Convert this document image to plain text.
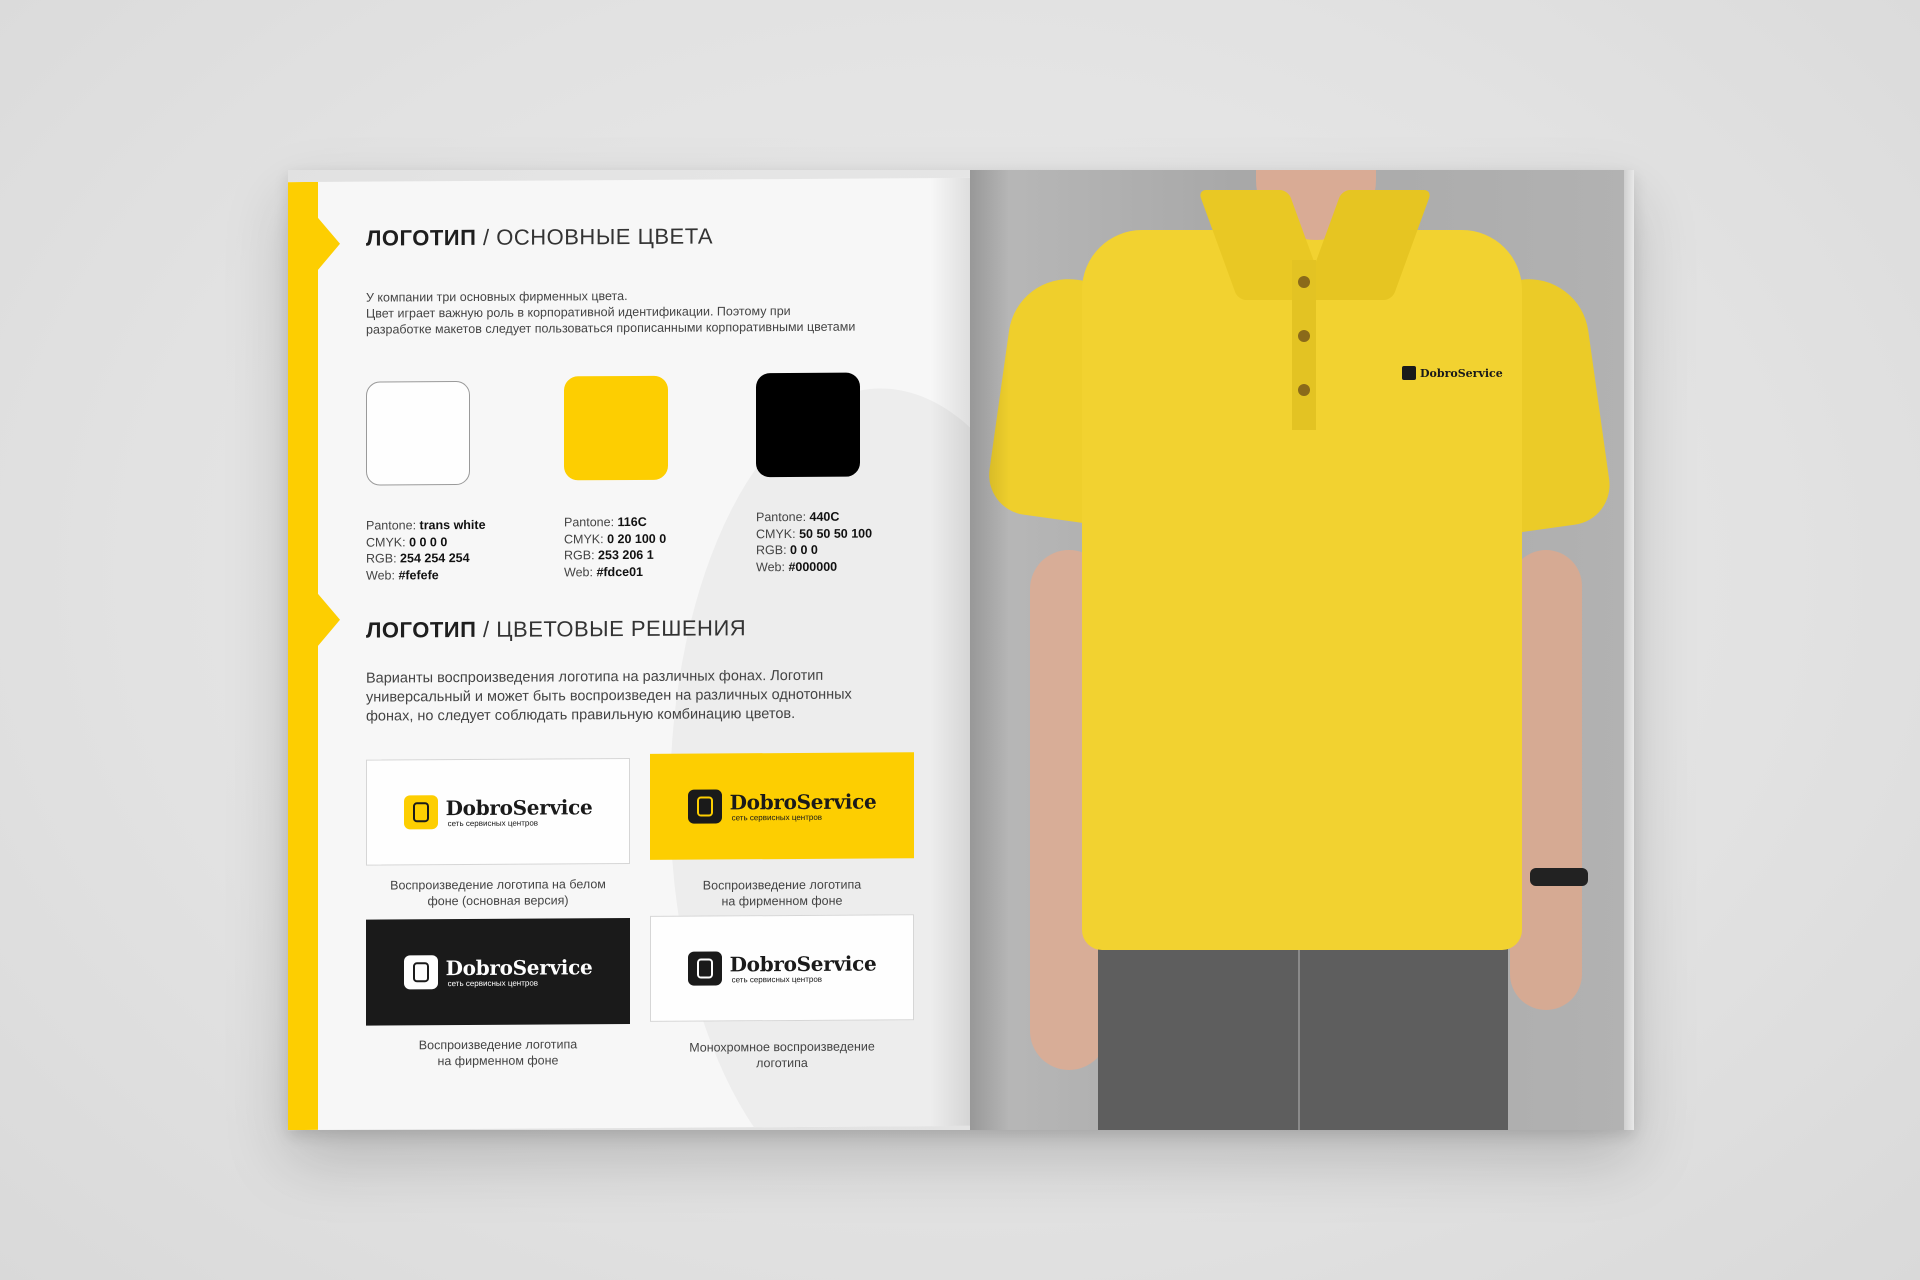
ЛОГОТИП / ОСНОВНЫЕ ЦВЕТА
У компании три основных фирменных цвета.
Цвет играет важную роль в корпоративной идентификации. Поэтому при
разработке макетов следует пользоваться прописанными корпоративными цветами
Pantone: trans white
CMYK: 0 0 0 0
RGB: 254 254 254
Web: #fefefe
Pantone: 116C
CMYK: 0 20 100 0
RGB: 253 206 1
Web: #fdce01
Pantone: 440C
CMYK: 50 50 50 100
RGB: 0 0 0
Web: #000000
ЛОГОТИП / ЦВЕТОВЫЕ РЕШЕНИЯ
Варианты воспроизведения логотипа на различных фонах. Логотип
универсальный и может быть воспроизведен на различных однотонных
фонах, но следует соблюдать правильную комбинацию цветов.
DobroService
сеть сервисных центров
DobroService
сеть сервисных центров
DobroService
сеть сервисных центров
DobroService
сеть сервисных центров
Воспроизведение логотипа на белом
фоне (основная версия)
Воспроизведение логотипа
на фирменном фоне
Воспроизведение логотипа
на фирменном фоне
Монохромное воспроизведение
логотипа
DobroService
